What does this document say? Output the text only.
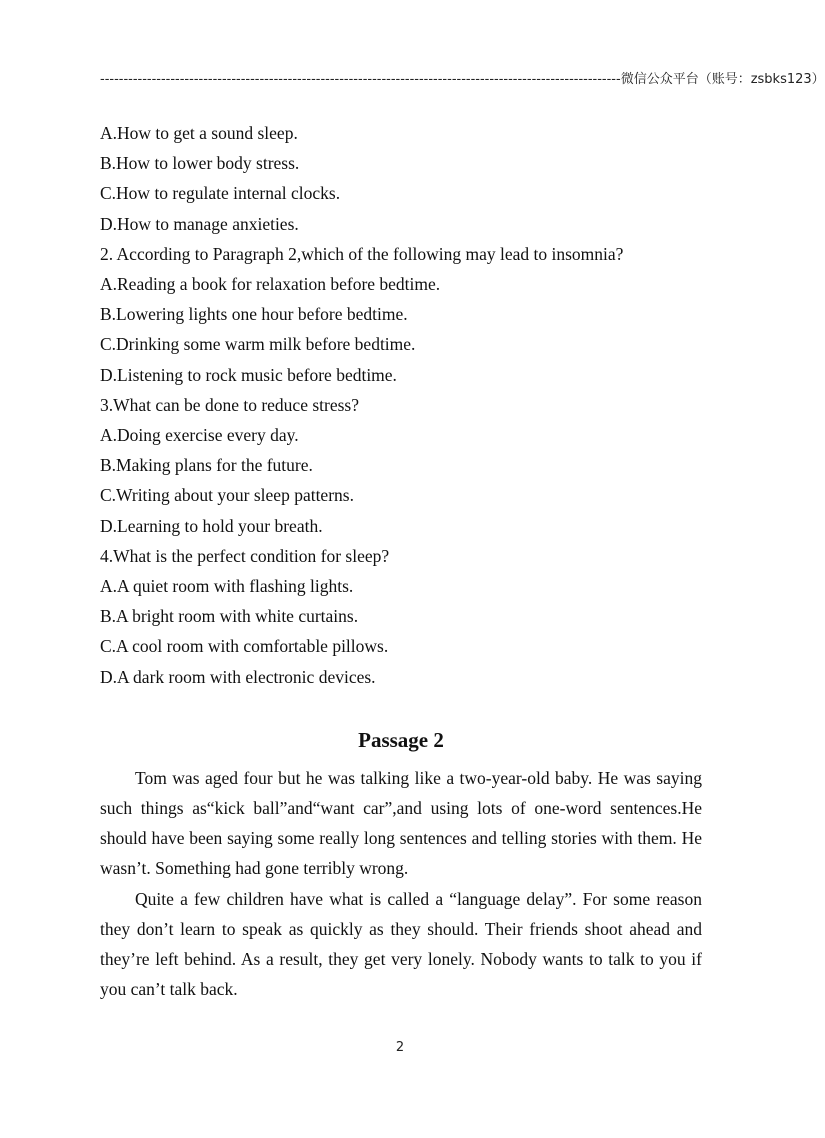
---------------------------------------------------------------------------------------------------------------微信公众平台（账号：zsbks123）
A.How to get a sound sleep.
B.How to lower body stress.
C.How to regulate internal clocks.
D.How to manage anxieties.
2. According to Paragraph 2,which of the following may lead to insomnia?
A.Reading a book for relaxation before bedtime.
B.Lowering lights one hour before bedtime.
C.Drinking some warm milk before bedtime.
D.Listening to rock music before bedtime.
3.What can be done to reduce stress?
A.Doing exercise every day.
B.Making plans for the future.
C.Writing about your sleep patterns.
D.Learning to hold your breath.
4.What is the perfect condition for sleep?
A.A quiet room with flashing lights.
B.A bright room with white curtains.
C.A cool room with comfortable pillows.
D.A dark room with electronic devices.
Passage 2

Tom was aged four but he was talking like a two-year-old baby. He was saying such things as“kick ball”and“want car”,and using lots of one-word sentences.He should have been saying some really long sentences and telling stories with them. He wasn’t. Something had gone terribly wrong.

Quite a few children have what is called a “language delay”. For some reason they don’t learn to speak as quickly as they should. Their friends shoot ahead and they’re left behind. As a result, they get very lonely. Nobody wants to talk to you if you can’t talk back.

2
